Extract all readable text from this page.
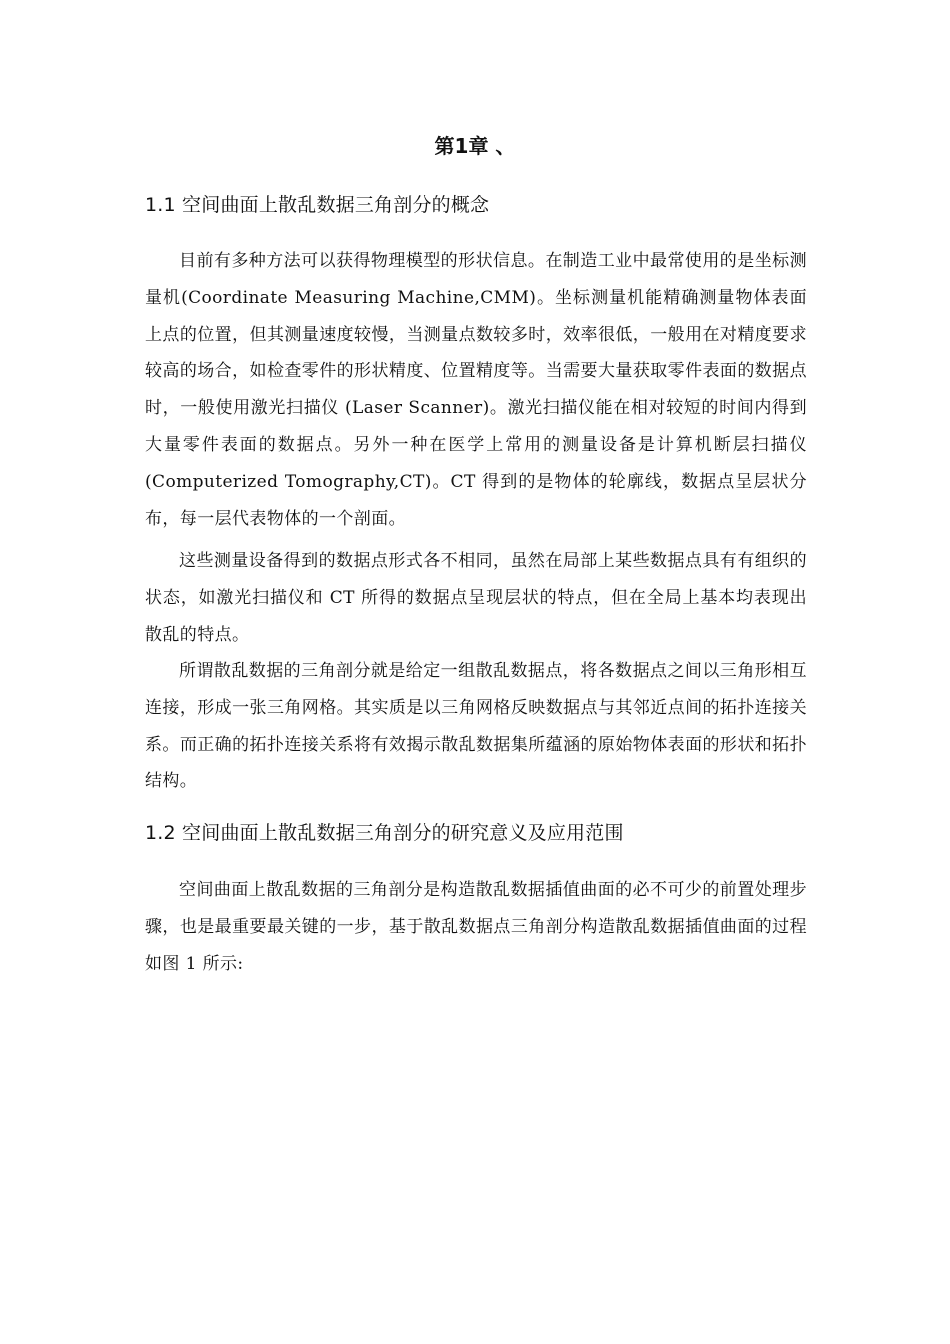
第1章 、
1.1 空间曲面上散乱数据三角剖分的概念

目前有多种方法可以获得物理模型的形状信息。在制造工业中最常使用的是坐标测量机(Coordinate Measuring Machine,CMM)。坐标测量机能精确测量物体表面上点的位置，但其测量速度较慢，当测量点数较多时，效率很低，一般用在对精度要求较高的场合，如检查零件的形状精度、位置精度等。当需要大量获取零件表面的数据点时，一般使用激光扫描仪 (Laser Scanner)。激光扫描仪能在相对较短的时间内得到大量零件表面的数据点。另外一种在医学上常用的测量设备是计算机断层扫描仪(Computerized Tomography,CT)。CT 得到的是物体的轮廓线，数据点呈层状分布，每一层代表物体的一个剖面。

这些测量设备得到的数据点形式各不相同，虽然在局部上某些数据点具有有组织的状态，如激光扫描仪和 CT 所得的数据点呈现层状的特点，但在全局上基本均表现出散乱的特点。

所谓散乱数据的三角剖分就是给定一组散乱数据点，将各数据点之间以三角形相互连接，形成一张三角网格。其实质是以三角网格反映数据点与其邻近点间的拓扑连接关系。而正确的拓扑连接关系将有效揭示散乱数据集所蕴涵的原始物体表面的形状和拓扑结构。

1.2 空间曲面上散乱数据三角剖分的研究意义及应用范围

空间曲面上散乱数据的三角剖分是构造散乱数据插值曲面的必不可少的前置处理步骤，也是最重要最关键的一步，基于散乱数据点三角剖分构造散乱数据插值曲面的过程如图 1 所示:
